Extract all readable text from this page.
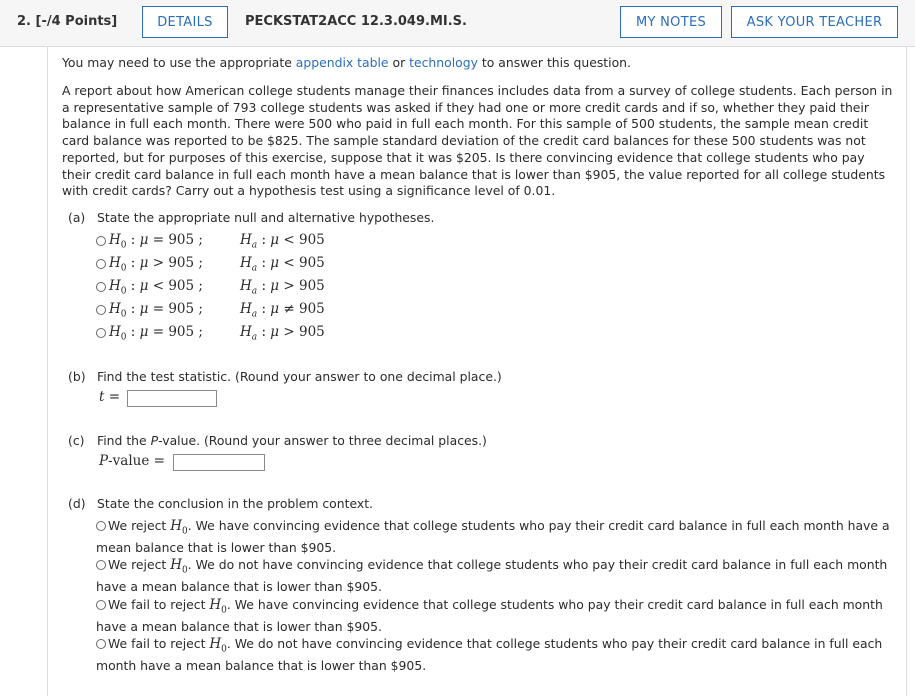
2. [-/4 Points]	DETAILS	PECKSTAT2ACC 12.3.049.MI.S.	MY NOTES	ASK YOUR TEACHER
You may need to use the appropriate appendix table or technology to answer this question.
A report about how American college students manage their finances includes data from a survey of college students. Each person in a representative sample of 793 college students was asked if they had one or more credit cards and if so, whether they paid their balance in full each month. There were 500 who paid in full each month. For this sample of 500 students, the sample mean credit card balance was reported to be $825. The sample standard deviation of the credit card balances for these 500 students was not reported, but for purposes of this exercise, suppose that it was $205. Is there convincing evidence that college students who pay their credit card balance in full each month have a mean balance that is lower than $905, the value reported for all college students with credit cards? Carry out a hypothesis test using a significance level of 0.01.
(a) State the appropriate null and alternative hypotheses.
$H_0$ : μ = 905 ;	$H_a$ : μ < 905
$H_0$ : μ > 905 ;	$H_a$ : μ < 905
$H_0$ : μ < 905 ;	$H_a$ : μ > 905
$H_0$ : μ = 905 ;	$H_a$ : μ ≠ 905
$H_0$ : μ = 905 ;	$H_a$ : μ > 905
(b) Find the test statistic. (Round your answer to one decimal place.)
t =
(c) Find the P-value. (Round your answer to three decimal places.)
P-value =
(d) State the conclusion in the problem context.
We reject $H_0$. We have convincing evidence that college students who pay their credit card balance in full each month have a mean balance that is lower than $905.
We reject $H_0$. We do not have convincing evidence that college students who pay their credit card balance in full each month have a mean balance that is lower than $905.
We fail to reject $H_0$. We have convincing evidence that college students who pay their credit card balance in full each month have a mean balance that is lower than $905.
We fail to reject $H_0$. We do not have convincing evidence that college students who pay their credit card balance in full each month have a mean balance that is lower than $905.
